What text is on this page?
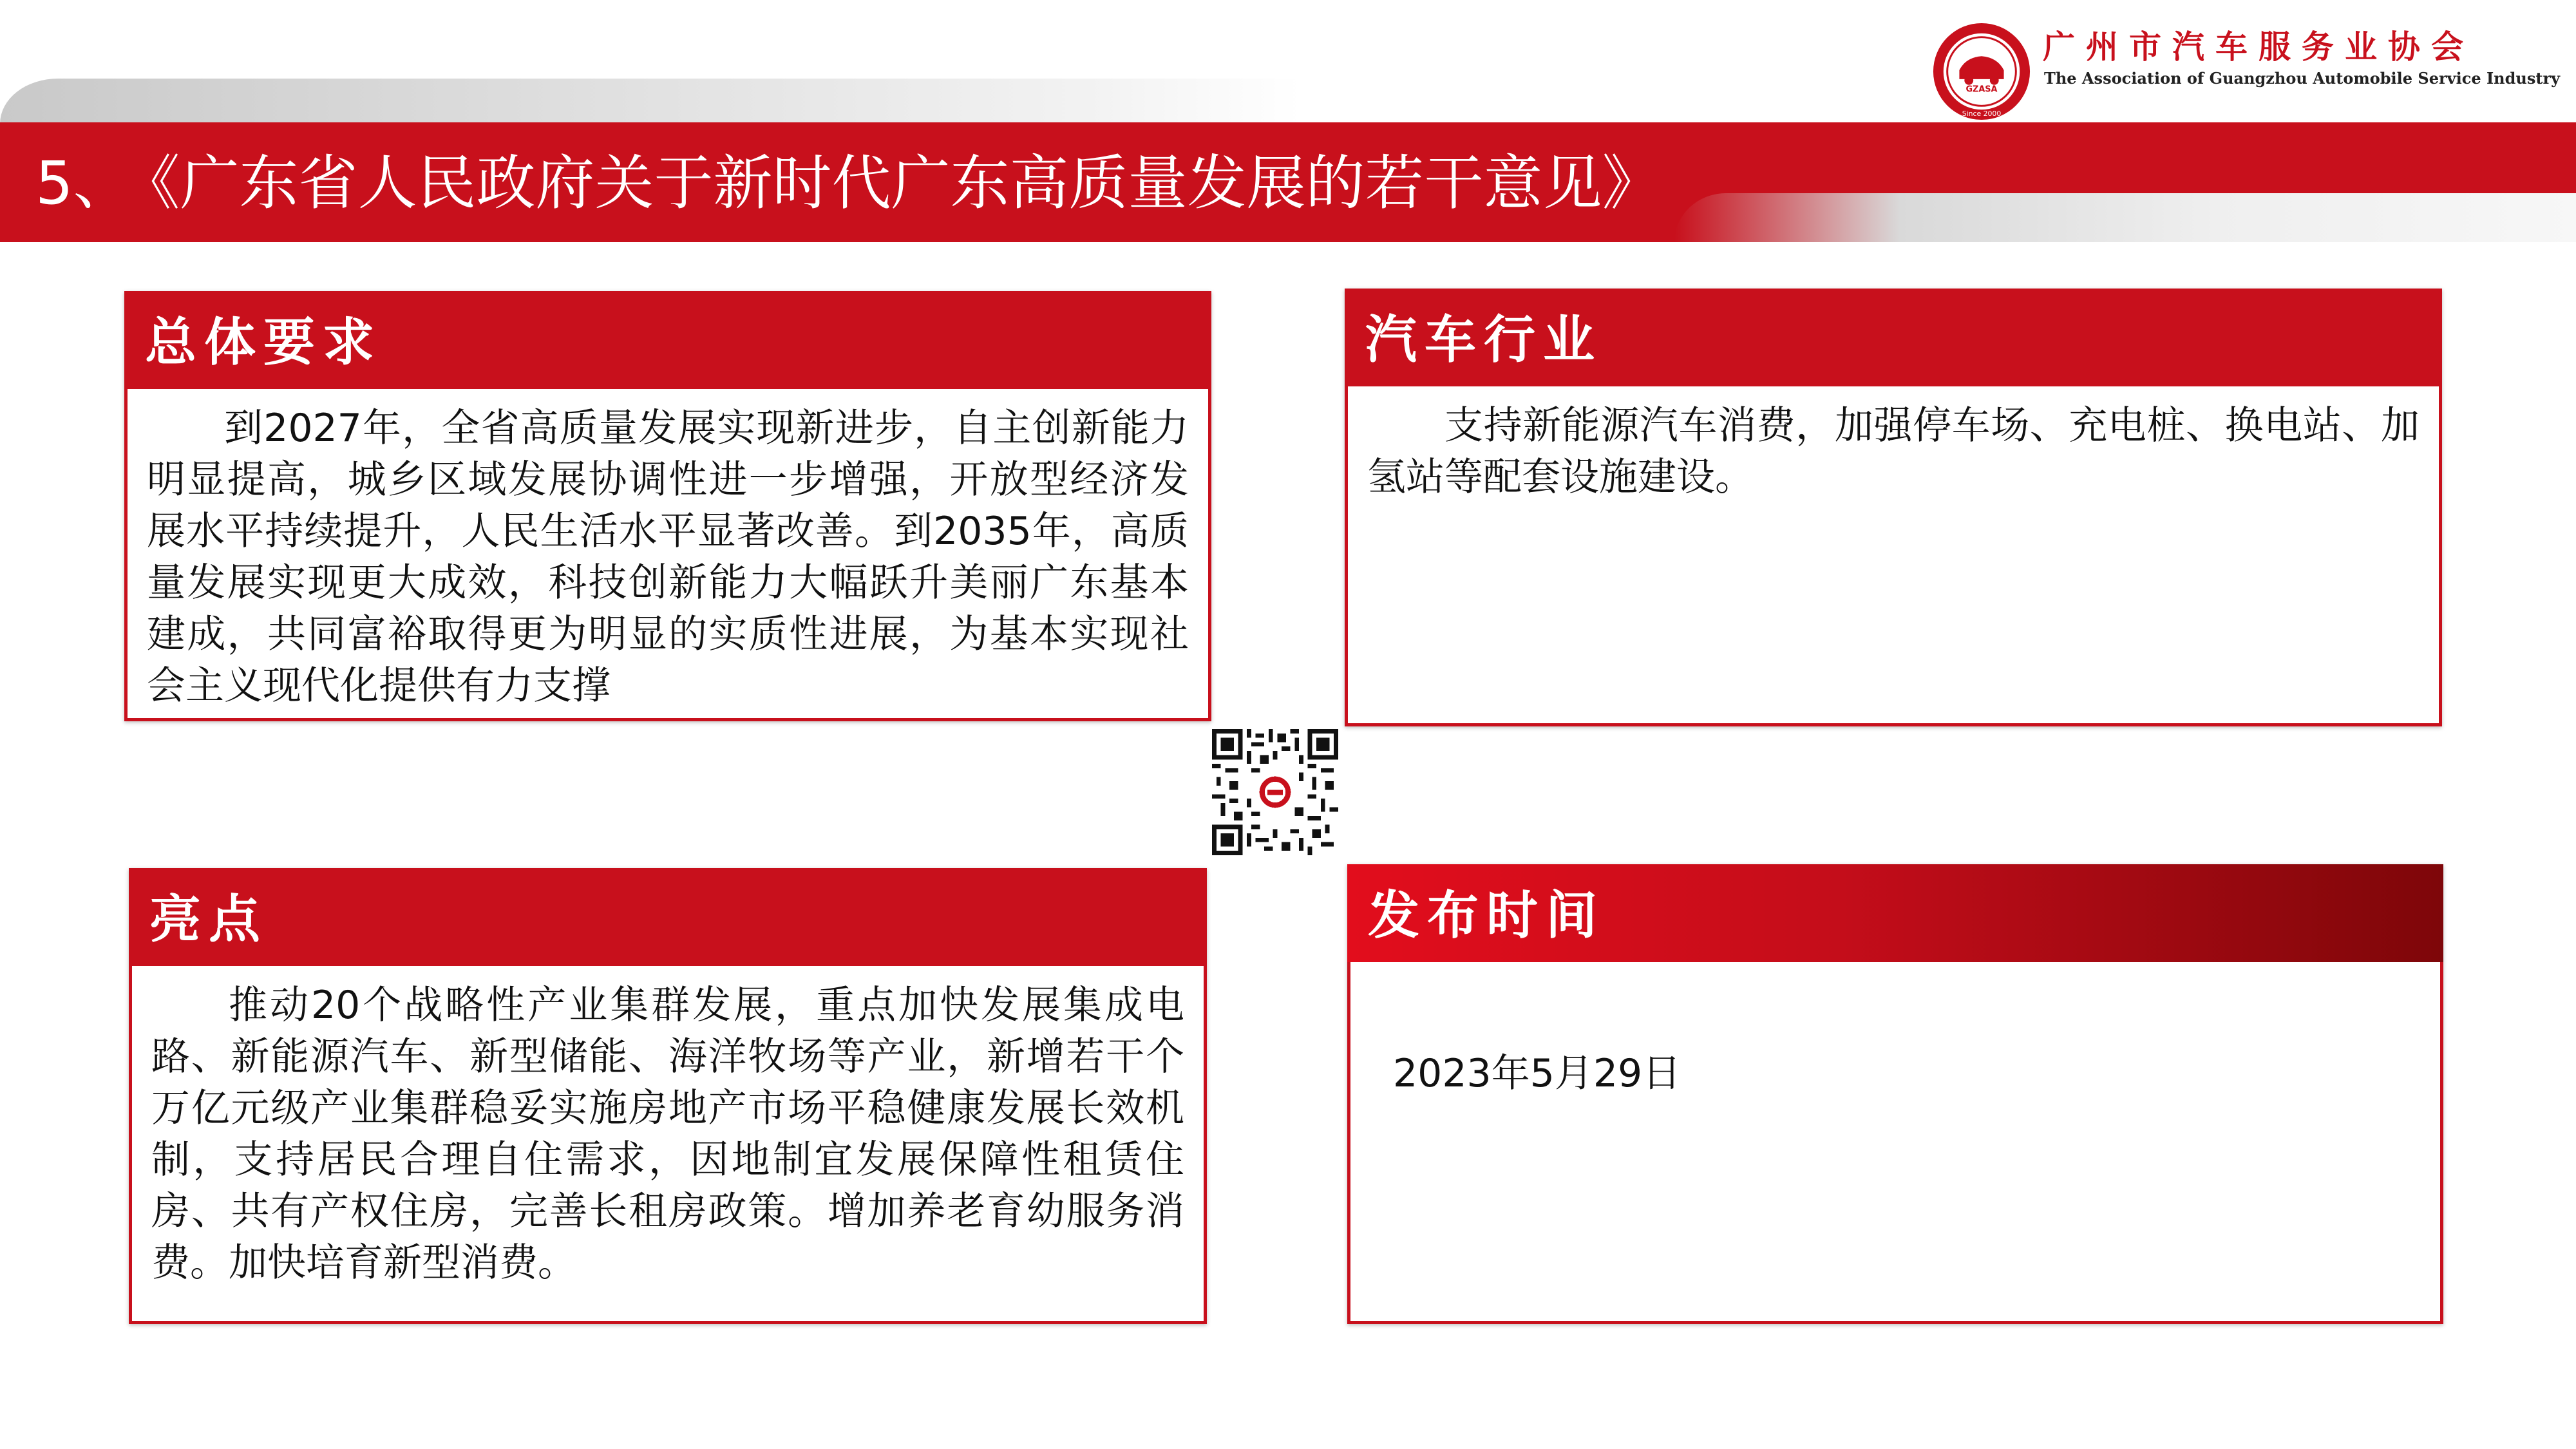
5、 《广东省人民政府关于新时代广东高质量发展的若干意见》
GZASA
Since 2000
广州市汽车服务业协会
The Association of Guangzhou Automobile Service Industry
总体要求
到2027年，全省高质量发展实现新进步，自主创新能力明显提高，城乡区域发展协调性进一步增强，开放型经济发展水平持续提升，人民生活水平显著改善。到2035年，高质量发展实现更大成效，科技创新能力大幅跃升美丽广东基本建成，共同富裕取得更为明显的实质性进展，为基本实现社会主义现代化提供有力支撑
汽车行业
支持新能源汽车消费，加强停车场、充电桩、换电站、加氢站等配套设施建设。
亮点
推动20个战略性产业集群发展，重点加快发展集成电路、新能源汽车、新型储能、海洋牧场等产业，新增若干个万亿元级产业集群稳妥实施房地产市场平稳健康发展长效机制，支持居民合理自住需求，因地制宜发展保障性租赁住房、共有产权住房，完善长租房政策。增加养老育幼服务消费。加快培育新型消费。
发布时间
2023年5月29日
